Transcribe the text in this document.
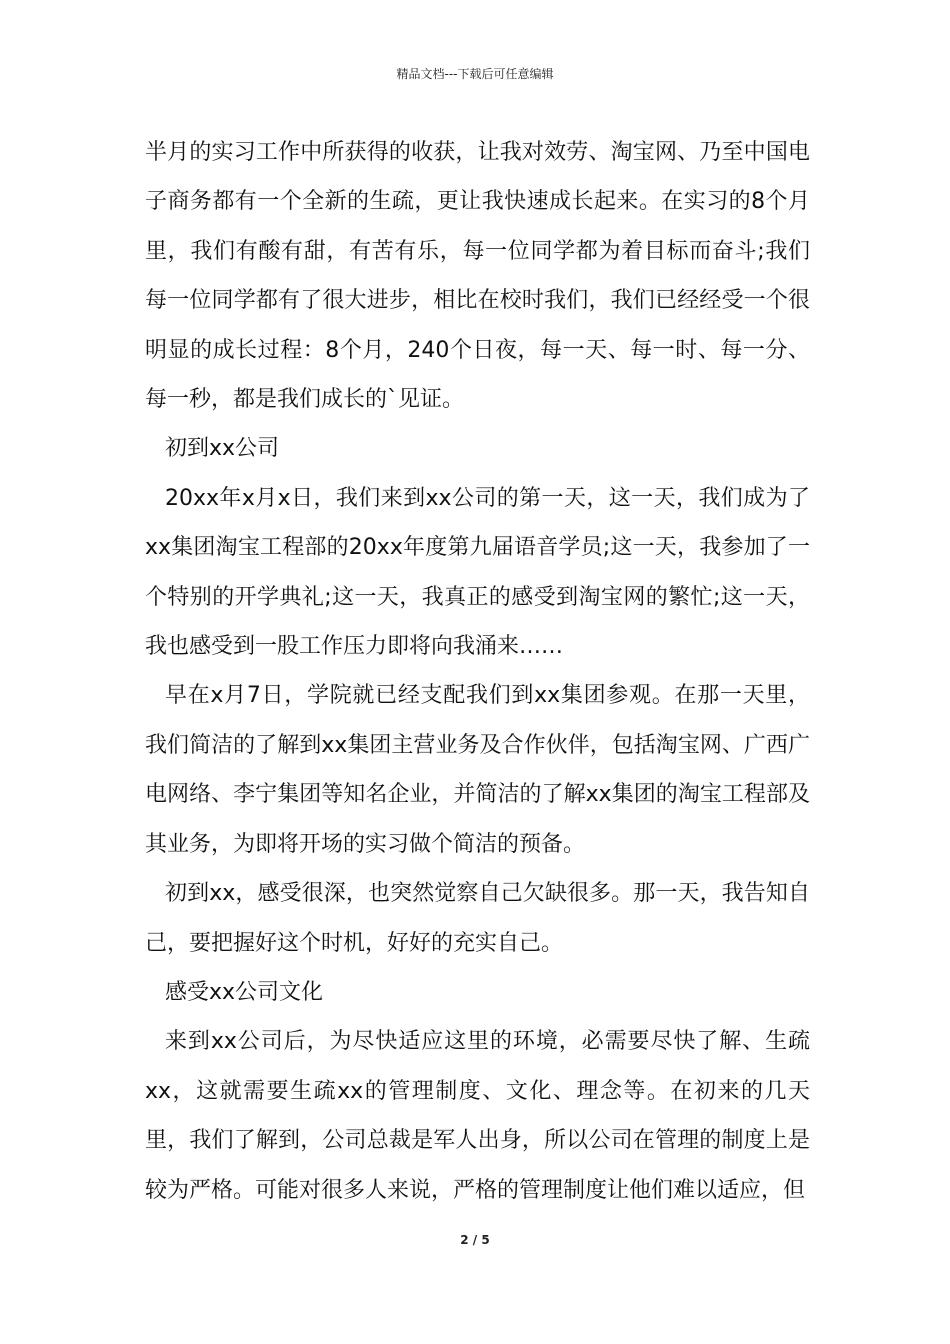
精品文档---下载后可任意编辑

半月的实习工作中所获得的收获，让我对效劳、淘宝网、乃至中国电子商务都有一个全新的生疏，更让我快速成长起来。在实习的8个月里，我们有酸有甜，有苦有乐，每一位同学都为着目标而奋斗;我们每一位同学都有了很大进步，相比在校时我们，我们已经经受一个很明显的成长过程：8个月，240个日夜，每一天、每一时、每一分、每一秒，都是我们成长的`见证。

初到xx公司

20xx年x月x日，我们来到xx公司的第一天，这一天，我们成为了xx集团淘宝工程部的20xx年度第九届语音学员;这一天，我参加了一个特别的开学典礼;这一天，我真正的感受到淘宝网的繁忙;这一天，我也感受到一股工作压力即将向我涌来……

早在x月7日，学院就已经支配我们到xx集团参观。在那一天里，我们简洁的了解到xx集团主营业务及合作伙伴，包括淘宝网、广西广电网络、李宁集团等知名企业，并简洁的了解xx集团的淘宝工程部及其业务，为即将开场的实习做个简洁的预备。

初到xx，感受很深，也突然觉察自己欠缺很多。那一天，我告知自己，要把握好这个时机，好好的充实自己。

感受xx公司文化

来到xx公司后，为尽快适应这里的环境，必需要尽快了解、生疏xx，这就需要生疏xx的管理制度、文化、理念等。在初来的几天里，我们了解到，公司总裁是军人出身，所以公司在管理的制度上是较为严格。可能对很多人来说，严格的管理制度让他们难以适应，但

2 / 5
